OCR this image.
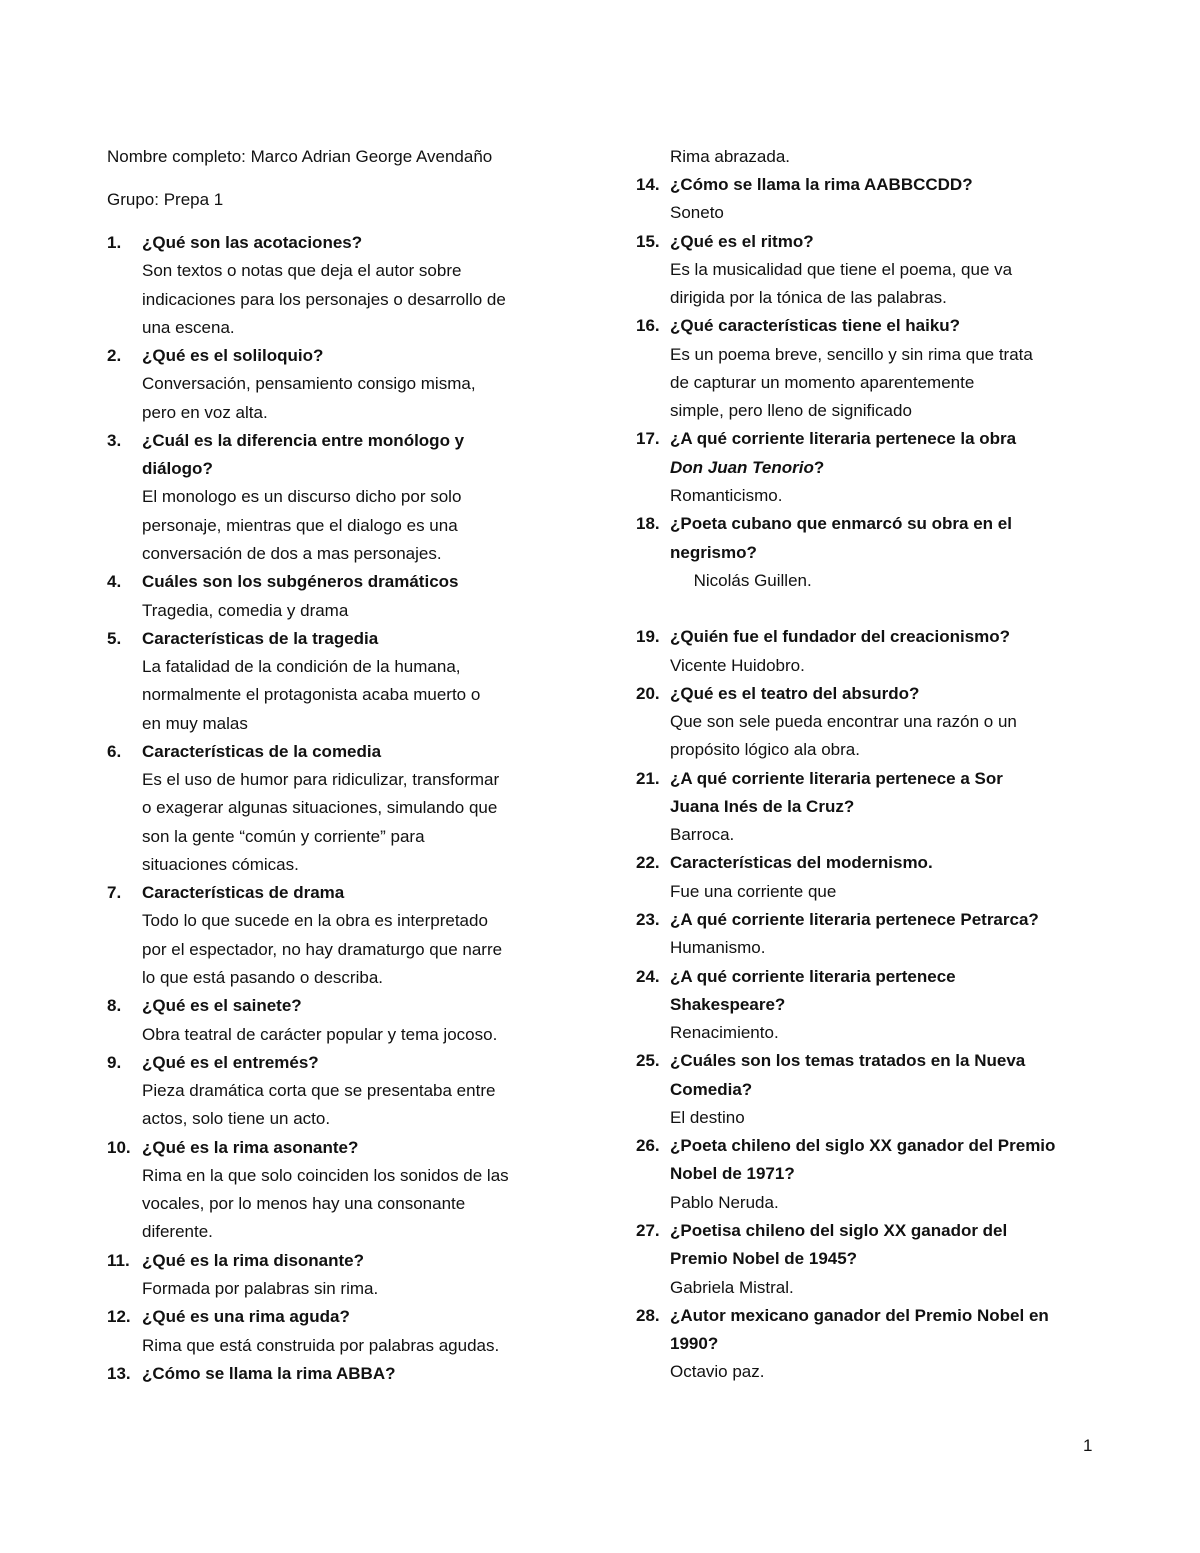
Nombre completo: Marco Adrian George Avendaño
Grupo: Prepa 1
1.	¿Qué son las acotaciones?
Son textos o notas que deja el autor sobre
indicaciones para los personajes o desarrollo de
una escena.
2.	¿Qué es el soliloquio?
Conversación, pensamiento consigo misma,
pero en voz alta.
3.	¿Cuál es la diferencia entre monólogo y
diálogo?
El monologo es un discurso dicho por solo
personaje, mientras que el dialogo es una
conversación de dos a mas personajes.
4.	Cuáles son los subgéneros dramáticos
Tragedia, comedia y drama
5.	Características de la tragedia
La fatalidad de la condición de la humana,
normalmente el protagonista acaba muerto o
en muy malas
6.	Características de la comedia
Es el uso de humor para ridiculizar, transformar
o exagerar algunas situaciones, simulando que
son la gente “común y corriente” para
situaciones cómicas.
7.	Características de drama
Todo lo que sucede en la obra es interpretado
por el espectador, no hay dramaturgo que narre
lo que está pasando o describa.
8.	¿Qué es el sainete?
Obra teatral de carácter popular y tema jocoso.
9.	¿Qué es el entremés?
Pieza dramática corta que se presentaba entre
actos, solo tiene un acto.
10. ¿Qué es la rima asonante?
Rima en la que solo coinciden los sonidos de las
vocales, por lo menos hay una consonante
diferente.
11. ¿Qué es la rima disonante?
Formada por palabras sin rima.
12. ¿Qué es una rima aguda?
Rima que está construida por palabras agudas.
13. ¿Cómo se llama la rima ABBA?
Rima abrazada.
14. ¿Cómo se llama la rima AABBCCDD?
Soneto
15. ¿Qué es el ritmo?
Es la musicalidad que tiene el poema, que va
dirigida por la tónica de las palabras.
16. ¿Qué características tiene el haiku?
Es un poema breve, sencillo y sin rima que trata
de capturar un momento aparentemente
simple, pero lleno de significado
17. ¿A qué corriente literaria pertenece la obra
Don Juan Tenorio?
Romanticismo.
18. ¿Poeta cubano que enmarcó su obra en el
negrismo?
Nicolás Guillen.
19. ¿Quién fue el fundador del creacionismo?
Vicente Huidobro.
20. ¿Qué es el teatro del absurdo?
Que son sele pueda encontrar una razón o un
propósito lógico ala obra.
21. ¿A qué corriente literaria pertenece a Sor
Juana Inés de la Cruz?
Barroca.
22. Características del modernismo.
Fue una corriente que
23. ¿A qué corriente literaria pertenece Petrarca?
Humanismo.
24. ¿A qué corriente literaria pertenece
Shakespeare?
Renacimiento.
25. ¿Cuáles son los temas tratados en la Nueva
Comedia?
El destino
26. ¿Poeta chileno del siglo XX ganador del Premio
Nobel de 1971?
Pablo Neruda.
27. ¿Poetisa chileno del siglo XX ganador del
Premio Nobel de 1945?
Gabriela Mistral.
28. ¿Autor mexicano ganador del Premio Nobel en
1990?
Octavio paz.
1
